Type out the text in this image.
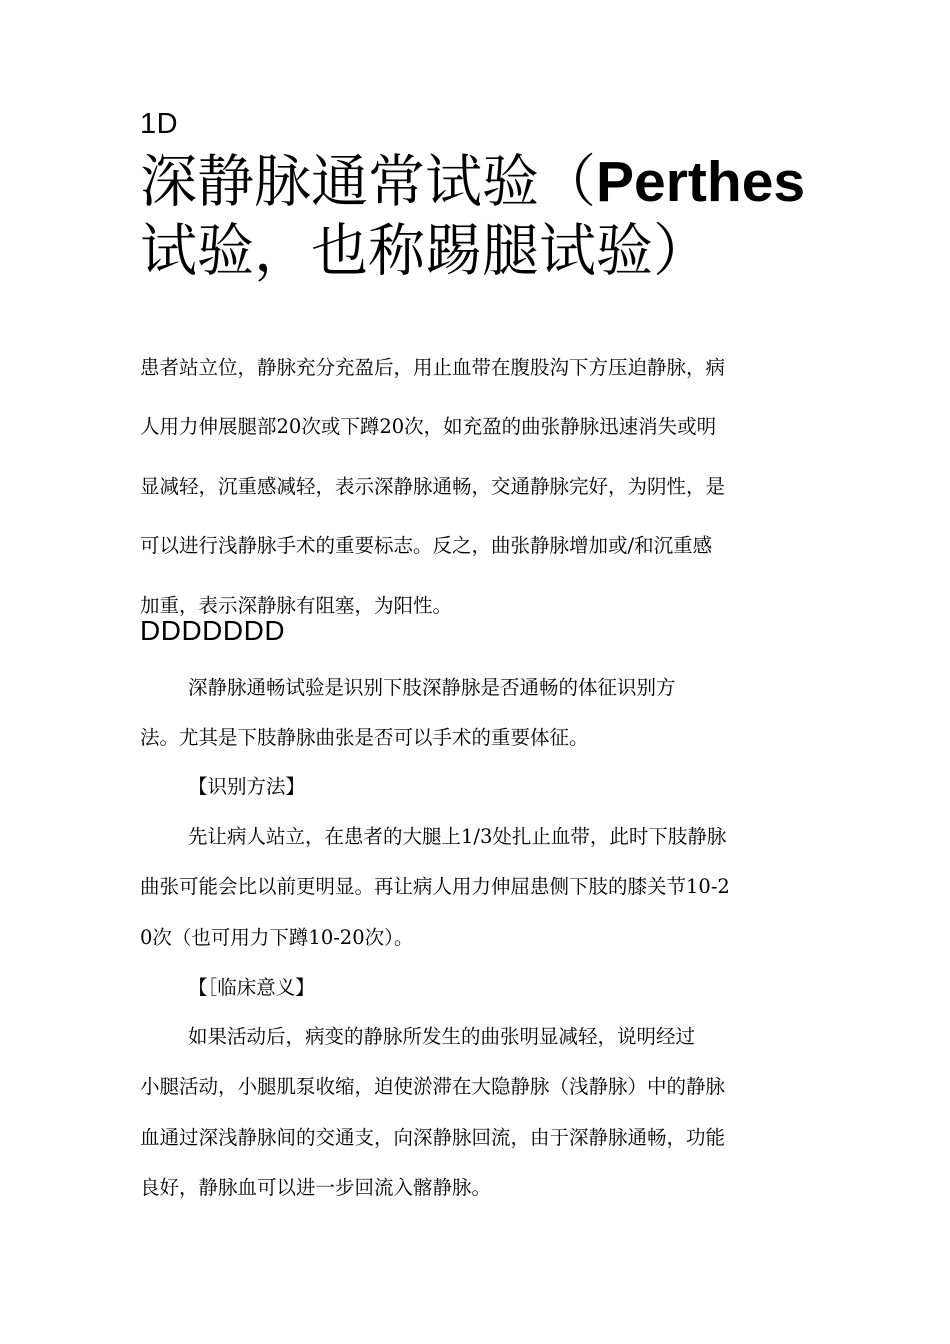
1D
深静脉通常试验（Perthes试验，也称踢腿试验）

患者站立位，静脉充分充盈后，用止血带在腹股沟下方压迫静脉，病
人用力伸展腿部20次或下蹲20次，如充盈的曲张静脉迅速消失或明
显减轻，沉重感减轻，表示深静脉通畅，交通静脉完好，为阴性，是
可以进行浅静脉手术的重要标志。反之，曲张静脉增加或/和沉重感
加重，表示深静脉有阻塞，为阳性。

DDDDDDD

深静脉通畅试验是识别下肢深静脉是否通畅的体征识别方
法。尤其是下肢静脉曲张是否可以手术的重要体征。

【识别方法】

先让病人站立，在患者的大腿上1/3处扎止血带，此时下肢静脉
曲张可能会比以前更明显。再让病人用力伸屈患侧下肢的膝关节10-2
0次（也可用力下蹲10-20次）。

【［临床意义】

如果活动后，病变的静脉所发生的曲张明显减轻，说明经过
小腿活动，小腿肌泵收缩，迫使淤滞在大隐静脉（浅静脉）中的静脉
血通过深浅静脉间的交通支，向深静脉回流，由于深静脉通畅，功能
良好，静脉血可以进一步回流入髂静脉。
